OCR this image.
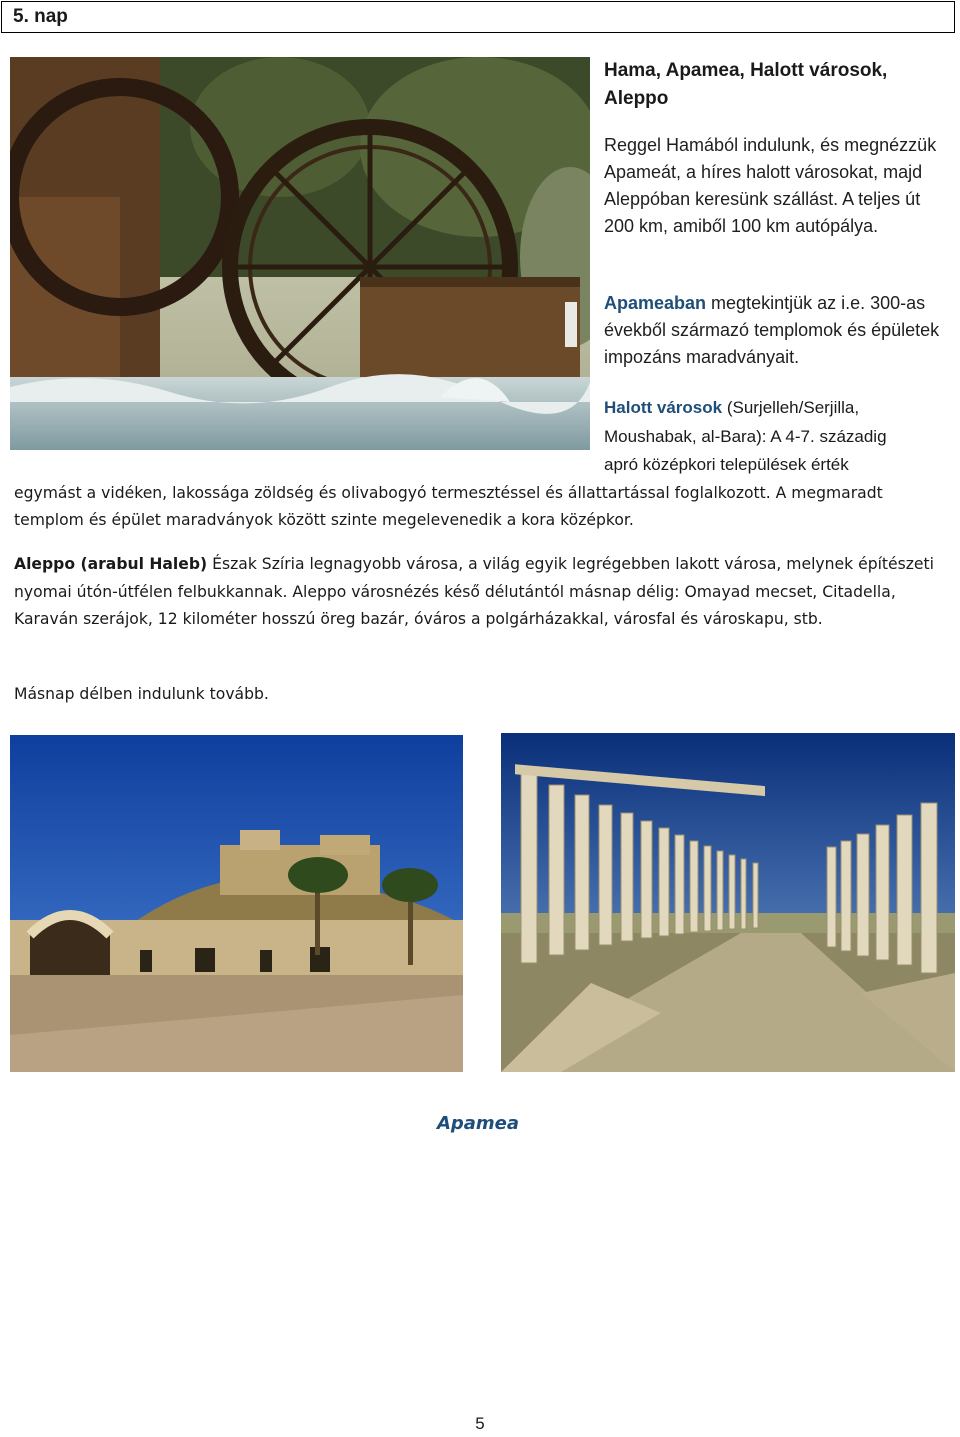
5. nap
Hama, Apamea, Halott városok, Aleppo
Reggel Hamából indulunk, és megnézzük Apameát, a híres halott városokat, majd Aleppóban keresünk szállást. A teljes út 200 km, amiből 100 km autópálya.
Apameaban megtekintjük az i.e. 300-as évekből származó templomok és épületek impozáns maradványait.

Halott városok (Surjelleh/Serjilla,
Moushabak, al-Bara): A 4-7. századig
apró középkori települések érték
egymást a vidéken, lakossága zöldség és olivabogyó termesztéssel és állattartással foglalkozott. A megmaradt templom és épület maradványok között szinte megelevenedik a kora középkor.

Aleppo (arabul Haleb) Észak Szíria legnagyobb városa, a világ egyik legrégebben lakott városa, melynek építészeti nyomai útón-útfélen felbukkannak. Aleppo városnézés késő délutántól másnap délig: Omayad mecset, Citadella, Karaván szerájok, 12 kilométer hosszú öreg bazár, óváros a polgárházakkal, városfal és városkapu, stb.

Másnap délben indulunk tovább.
Apamea
5
